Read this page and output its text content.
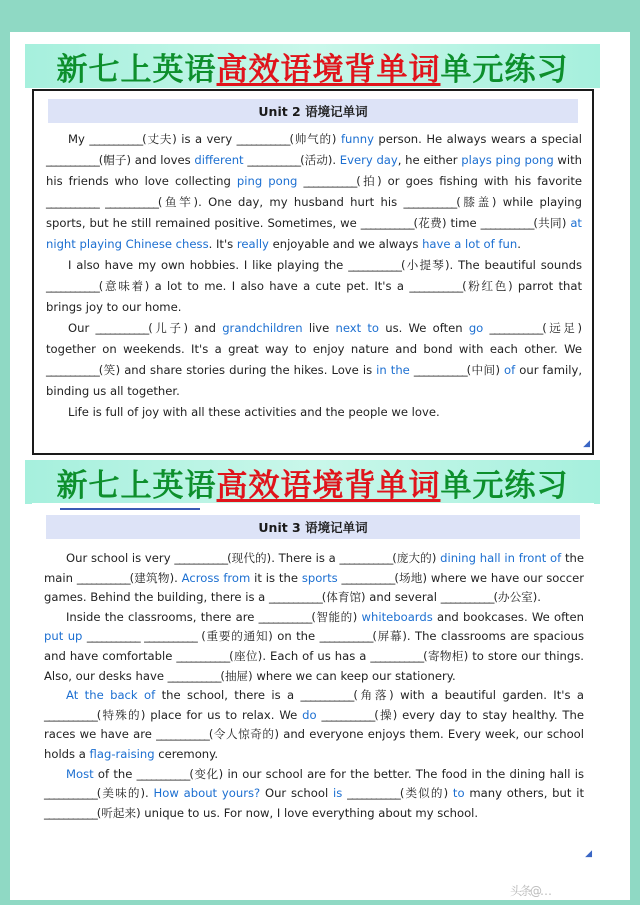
新七上英语 高效语境背单词 单元练习
Unit 2 语境记单词

My ___________(丈夫) is a very ___________(帅气的) funny person. He always wears a special ___________(帽子) and loves different ___________(活动). Every day, he either plays ping pong with his friends who love collecting ping pong ___________(拍) or goes fishing with his favorite ___________ ___________(鱼竿). One day, my husband hurt his ___________(膝盖) while playing sports, but he still remained positive. Sometimes, we ___________(花费) time ___________(共同) at night playing Chinese chess. It's really enjoyable and we always have a lot of fun.

I also have my own hobbies. I like playing the ___________(小提琴). The beautiful sounds ___________(意味着) a lot to me. I also have a cute pet. It's a ___________(粉红色) parrot that brings joy to our home.

Our ___________(儿子) and grandchildren live next to us. We often go ___________(远足) together on weekends. It's a great way to enjoy nature and bond with each other. We ___________(笑) and share stories during the hikes. Love is in the ___________(中间) of our family, binding us all together.

Life is full of joy with all these activities and the people we love.

◢
新七上英语 高效语境背单词 单元练习
Unit 3 语境记单词

Our school is very ___________(现代的). There is a ___________(庞大的) dining hall in front of the main ___________(建筑物). Across from it is the sports ___________(场地) where we have our soccer games. Behind the building, there is a ___________(体育馆) and several ___________(办公室).

Inside the classrooms, there are ___________(智能的) whiteboards and bookcases. We often put up ___________ ___________ (重要的通知) on the ___________(屏幕). The classrooms are spacious and have comfortable ___________(座位). Each of us has a ___________(寄物柜) to store our things. Also, our desks have ___________(抽屉) where we can keep our stationery.

At the back of the school, there is a ___________(角落) with a beautiful garden. It's a ___________(特殊的) place for us to relax. We do ___________(操) every day to stay healthy. The races we have are ___________(令人惊奇的) and everyone enjoys them. Every week, our school holds a flag-raising ceremony.

Most of the ___________(变化) in our school are for the better. The food in the dining hall is ___________(美味的). How about yours? Our school is ___________(类似的) to many others, but it ___________(听起来) unique to us. For now, I love everything about my school.

◢
头条@…
